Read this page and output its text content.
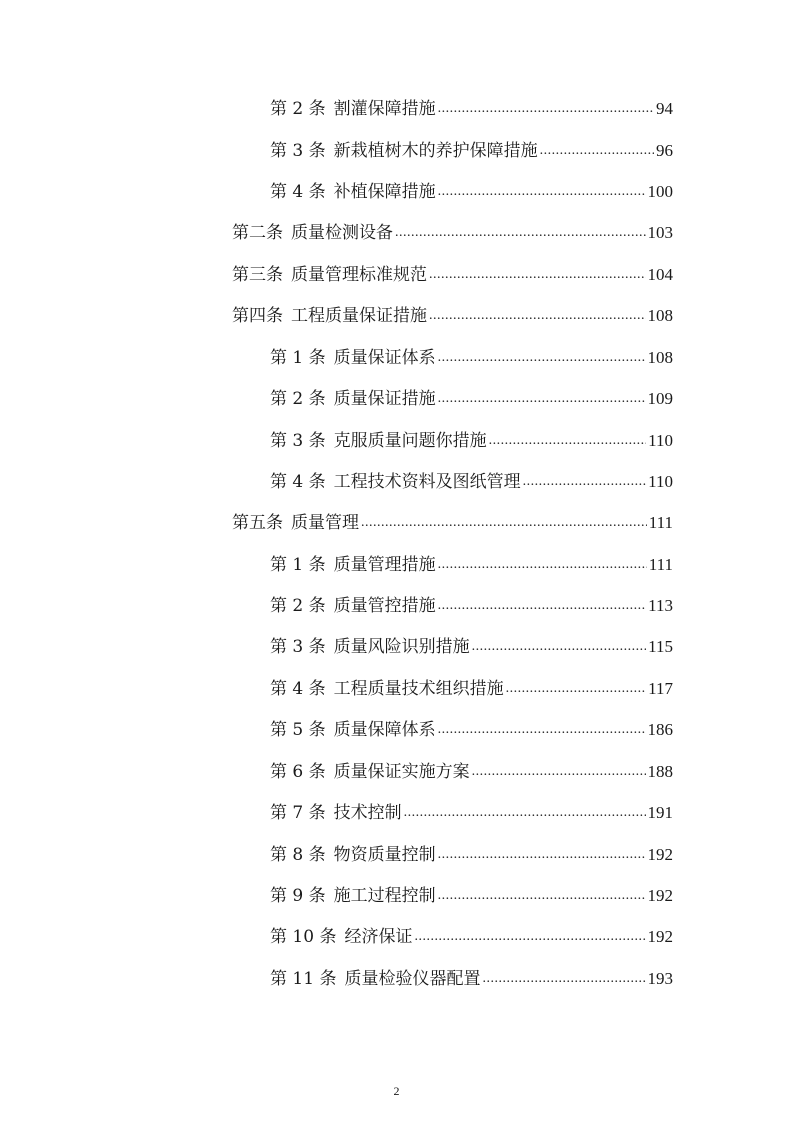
第 2 条 割灌保障措施 .....	94
第 3 条 新栽植树木的养护保障措施 .....	96
第 4 条 补植保障措施 .....	100
第二条 质量检测设备 .....	103
第三条 质量管理标准规范 .....	104
第四条 工程质量保证措施 .....	108
第 1 条 质量保证体系 .....	108
第 2 条 质量保证措施 .....	109
第 3 条 克服质量问题你措施 .....	110
第 4 条 工程技术资料及图纸管理 .....	110
第五条 质量管理 .....	111
第 1 条 质量管理措施 .....	111
第 2 条 质量管控措施 .....	113
第 3 条 质量风险识别措施 .....	115
第 4 条 工程质量技术组织措施 .....	117
第 5 条 质量保障体系 .....	186
第 6 条 质量保证实施方案 .....	188
第 7 条 技术控制 .....	191
第 8 条 物资质量控制 .....	192
第 9 条 施工过程控制 .....	192
第 10 条 经济保证 .....	192
第 11 条 质量检验仪器配置 .....	193
2
